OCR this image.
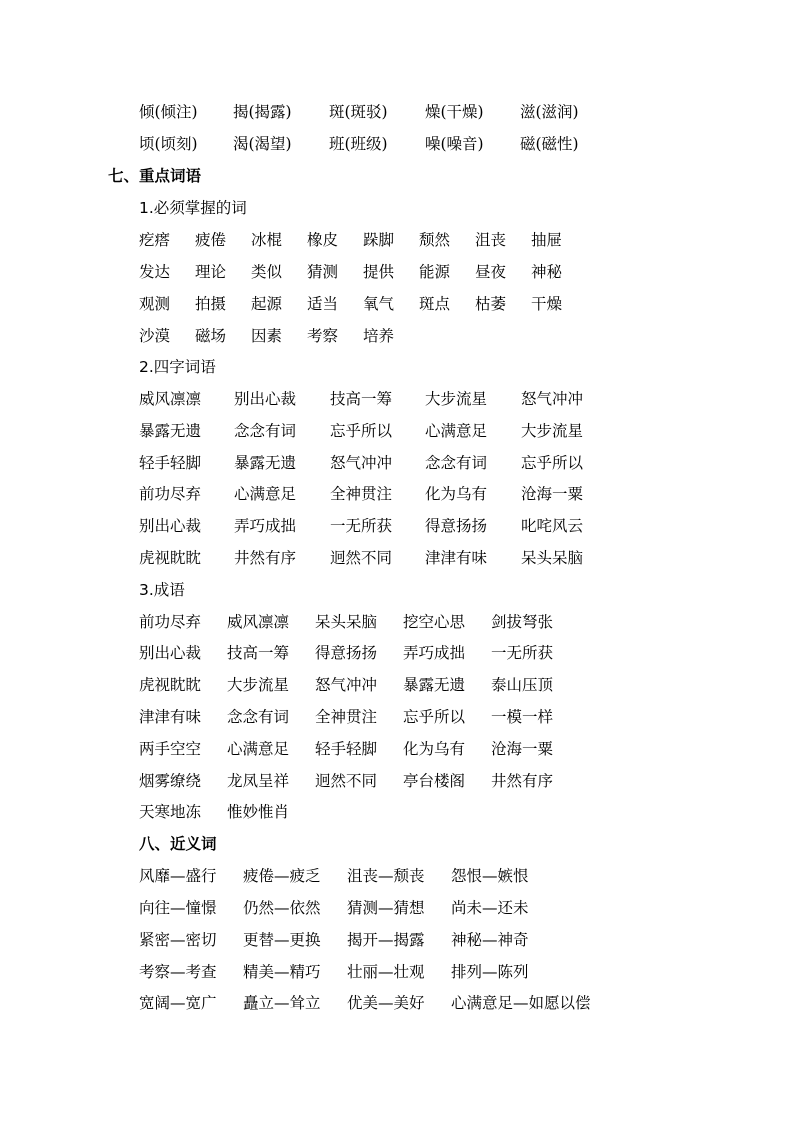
倾(倾注) 揭(揭露) 斑(斑驳) 燥(干燥) 滋(滋润)
顷(顷刻) 渴(渴望) 班(班级) 噪(噪音) 磁(磁性)
七、重点词语
1.必须掌握的词
疙瘩 疲倦 冰棍 橡皮 跺脚 颓然 沮丧 抽屉
发达 理论 类似 猜测 提供 能源 昼夜 神秘
观测 拍摄 起源 适当 氧气 斑点 枯萎 干燥
沙漠 磁场 因素 考察 培养
2.四字词语
威风凛凛 别出心裁 技高一筹 大步流星 怒气冲冲
暴露无遗 念念有词 忘乎所以 心满意足 大步流星
轻手轻脚 暴露无遗 怒气冲冲 念念有词 忘乎所以
前功尽弃 心满意足 全神贯注 化为乌有 沧海一粟
别出心裁 弄巧成拙 一无所获 得意扬扬 叱咤风云
虎视眈眈 井然有序 迥然不同 津津有味 呆头呆脑
3.成语
前功尽弃 威风凛凛 呆头呆脑 挖空心思 剑拔弩张
别出心裁 技高一筹 得意扬扬 弄巧成拙 一无所获
虎视眈眈 大步流星 怒气冲冲 暴露无遗 泰山压顶
津津有味 念念有词 全神贯注 忘乎所以 一模一样
两手空空 心满意足 轻手轻脚 化为乌有 沧海一粟
烟雾缭绕 龙凤呈祥 迥然不同 亭台楼阁 井然有序
天寒地冻 惟妙惟肖
八、近义词
风靡—盛行 疲倦—疲乏 沮丧—颓丧 怨恨—嫉恨
向往—憧憬 仍然—依然 猜测—猜想 尚未—还未
紧密—密切 更替—更换 揭开—揭露 神秘—神奇
考察—考查 精美—精巧 壮丽—壮观 排列—陈列
宽阔—宽广 矗立—耸立 优美—美好 心满意足—如愿以偿
